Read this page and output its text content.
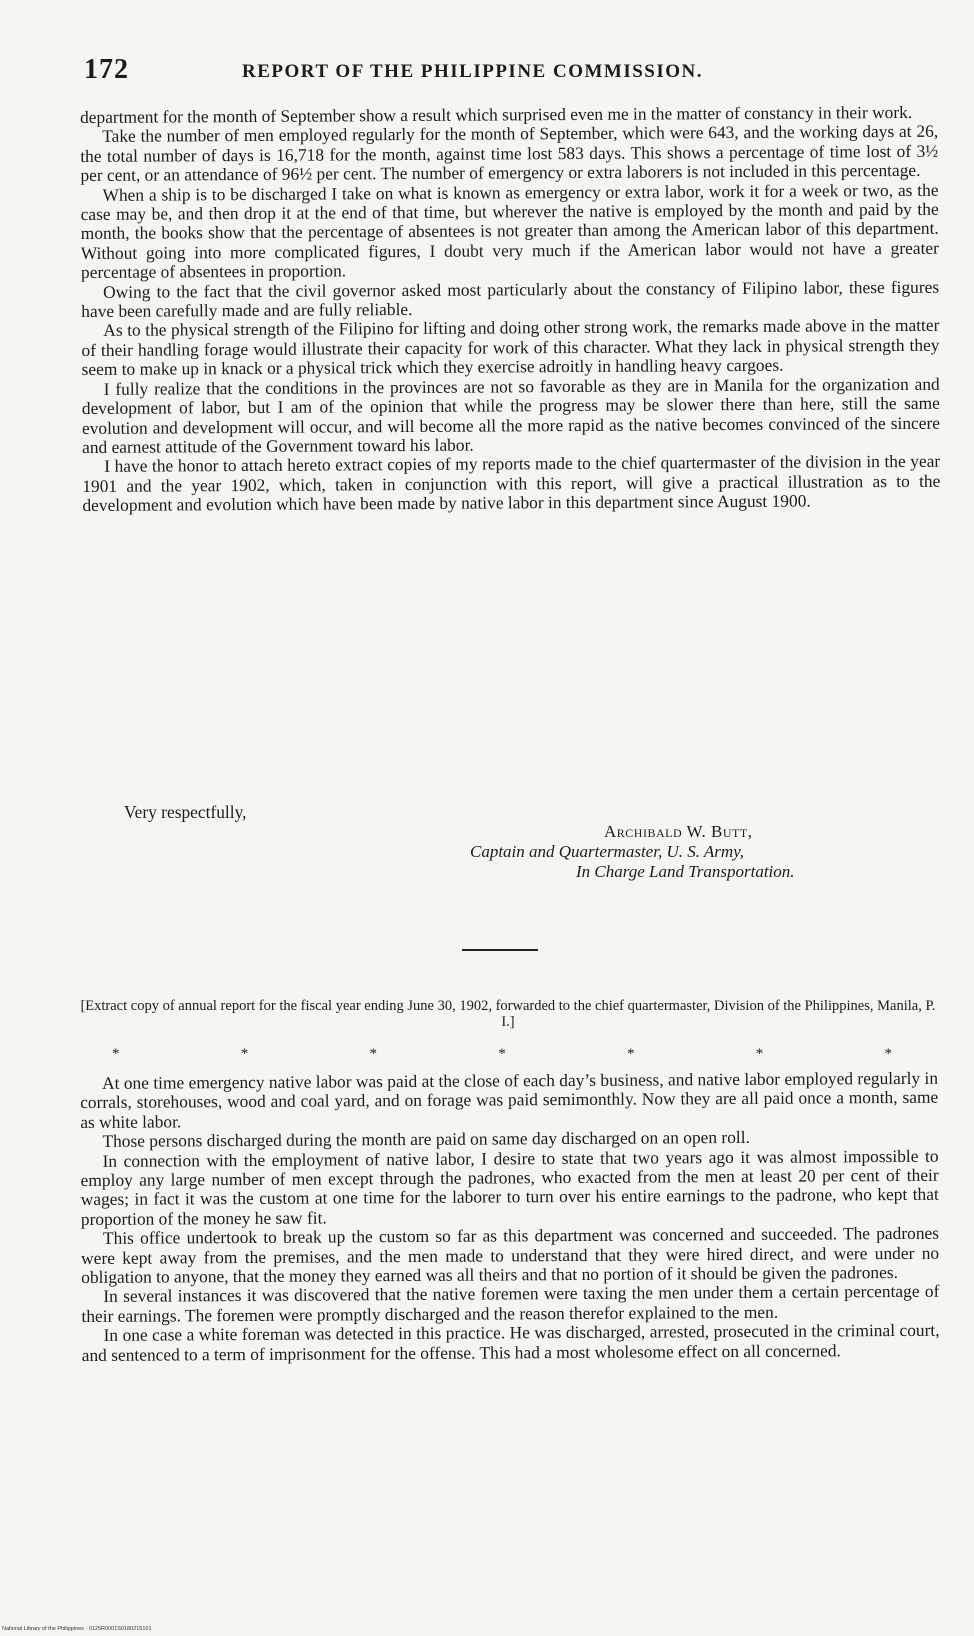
172	REPORT OF THE PHILIPPINE COMMISSION.

department for the month of September show a result which surprised even me in the matter of constancy in their work.

Take the number of men employed regularly for the month of September, which were 643, and the working days at 26, the total number of days is 16,718 for the month, against time lost 583 days. This shows a percentage of time lost of 3½ per cent, or an attendance of 96½ per cent. The number of emergency or extra laborers is not included in this percentage.

When a ship is to be discharged I take on what is known as emergency or extra labor, work it for a week or two, as the case may be, and then drop it at the end of that time, but wherever the native is employed by the month and paid by the month, the books show that the percentage of absentees is not greater than among the American labor of this department. Without going into more complicated figures, I doubt very much if the American labor would not have a greater percentage of absentees in proportion.

Owing to the fact that the civil governor asked most particularly about the constancy of Filipino labor, these figures have been carefully made and are fully reliable.

As to the physical strength of the Filipino for lifting and doing other strong work, the remarks made above in the matter of their handling forage would illustrate their capacity for work of this character. What they lack in physical strength they seem to make up in knack or a physical trick which they exercise adroitly in handling heavy cargoes.

I fully realize that the conditions in the provinces are not so favorable as they are in Manila for the organization and development of labor, but I am of the opinion that while the progress may be slower there than here, still the same evolution and development will occur, and will become all the more rapid as the native becomes convinced of the sincere and earnest attitude of the Government toward his labor.

I have the honor to attach hereto extract copies of my reports made to the chief quartermaster of the division in the year 1901 and the year 1902, which, taken in conjunction with this report, will give a practical illustration as to the development and evolution which have been made by native labor in this department since August 1900.

Very respectfully,
Archibald W. Butt,
Captain and Quartermaster, U. S. Army,
In Charge Land Transportation.
[Extract copy of annual report for the fiscal year ending June 30, 1902, forwarded to the chief quartermaster, Division of the Philippines, Manila, P. I.]
*	*	*	*	*	*	*

At one time emergency native labor was paid at the close of each day’s business, and native labor employed regularly in corrals, storehouses, wood and coal yard, and on forage was paid semimonthly. Now they are all paid once a month, same as white labor.

Those persons discharged during the month are paid on same day discharged on an open roll.

In connection with the employment of native labor, I desire to state that two years ago it was almost impossible to employ any large number of men except through the padrones, who exacted from the men at least 20 per cent of their wages; in fact it was the custom at one time for the laborer to turn over his entire earnings to the padrone, who kept that proportion of the money he saw fit.

This office undertook to break up the custom so far as this department was concerned and succeeded. The padrones were kept away from the premises, and the men made to understand that they were hired direct, and were under no obligation to anyone, that the money they earned was all theirs and that no portion of it should be given the padrones.

In several instances it was discovered that the native foremen were taxing the men under them a certain percentage of their earnings. The foremen were promptly discharged and the reason therefor explained to the men.

In one case a white foreman was detected in this practice. He was discharged, arrested, prosecuted in the criminal court, and sentenced to a term of imprisonment for the offense. This had a most wholesome effect on all concerned.

National Library of the Philippines · 0125R0001S0180215101
